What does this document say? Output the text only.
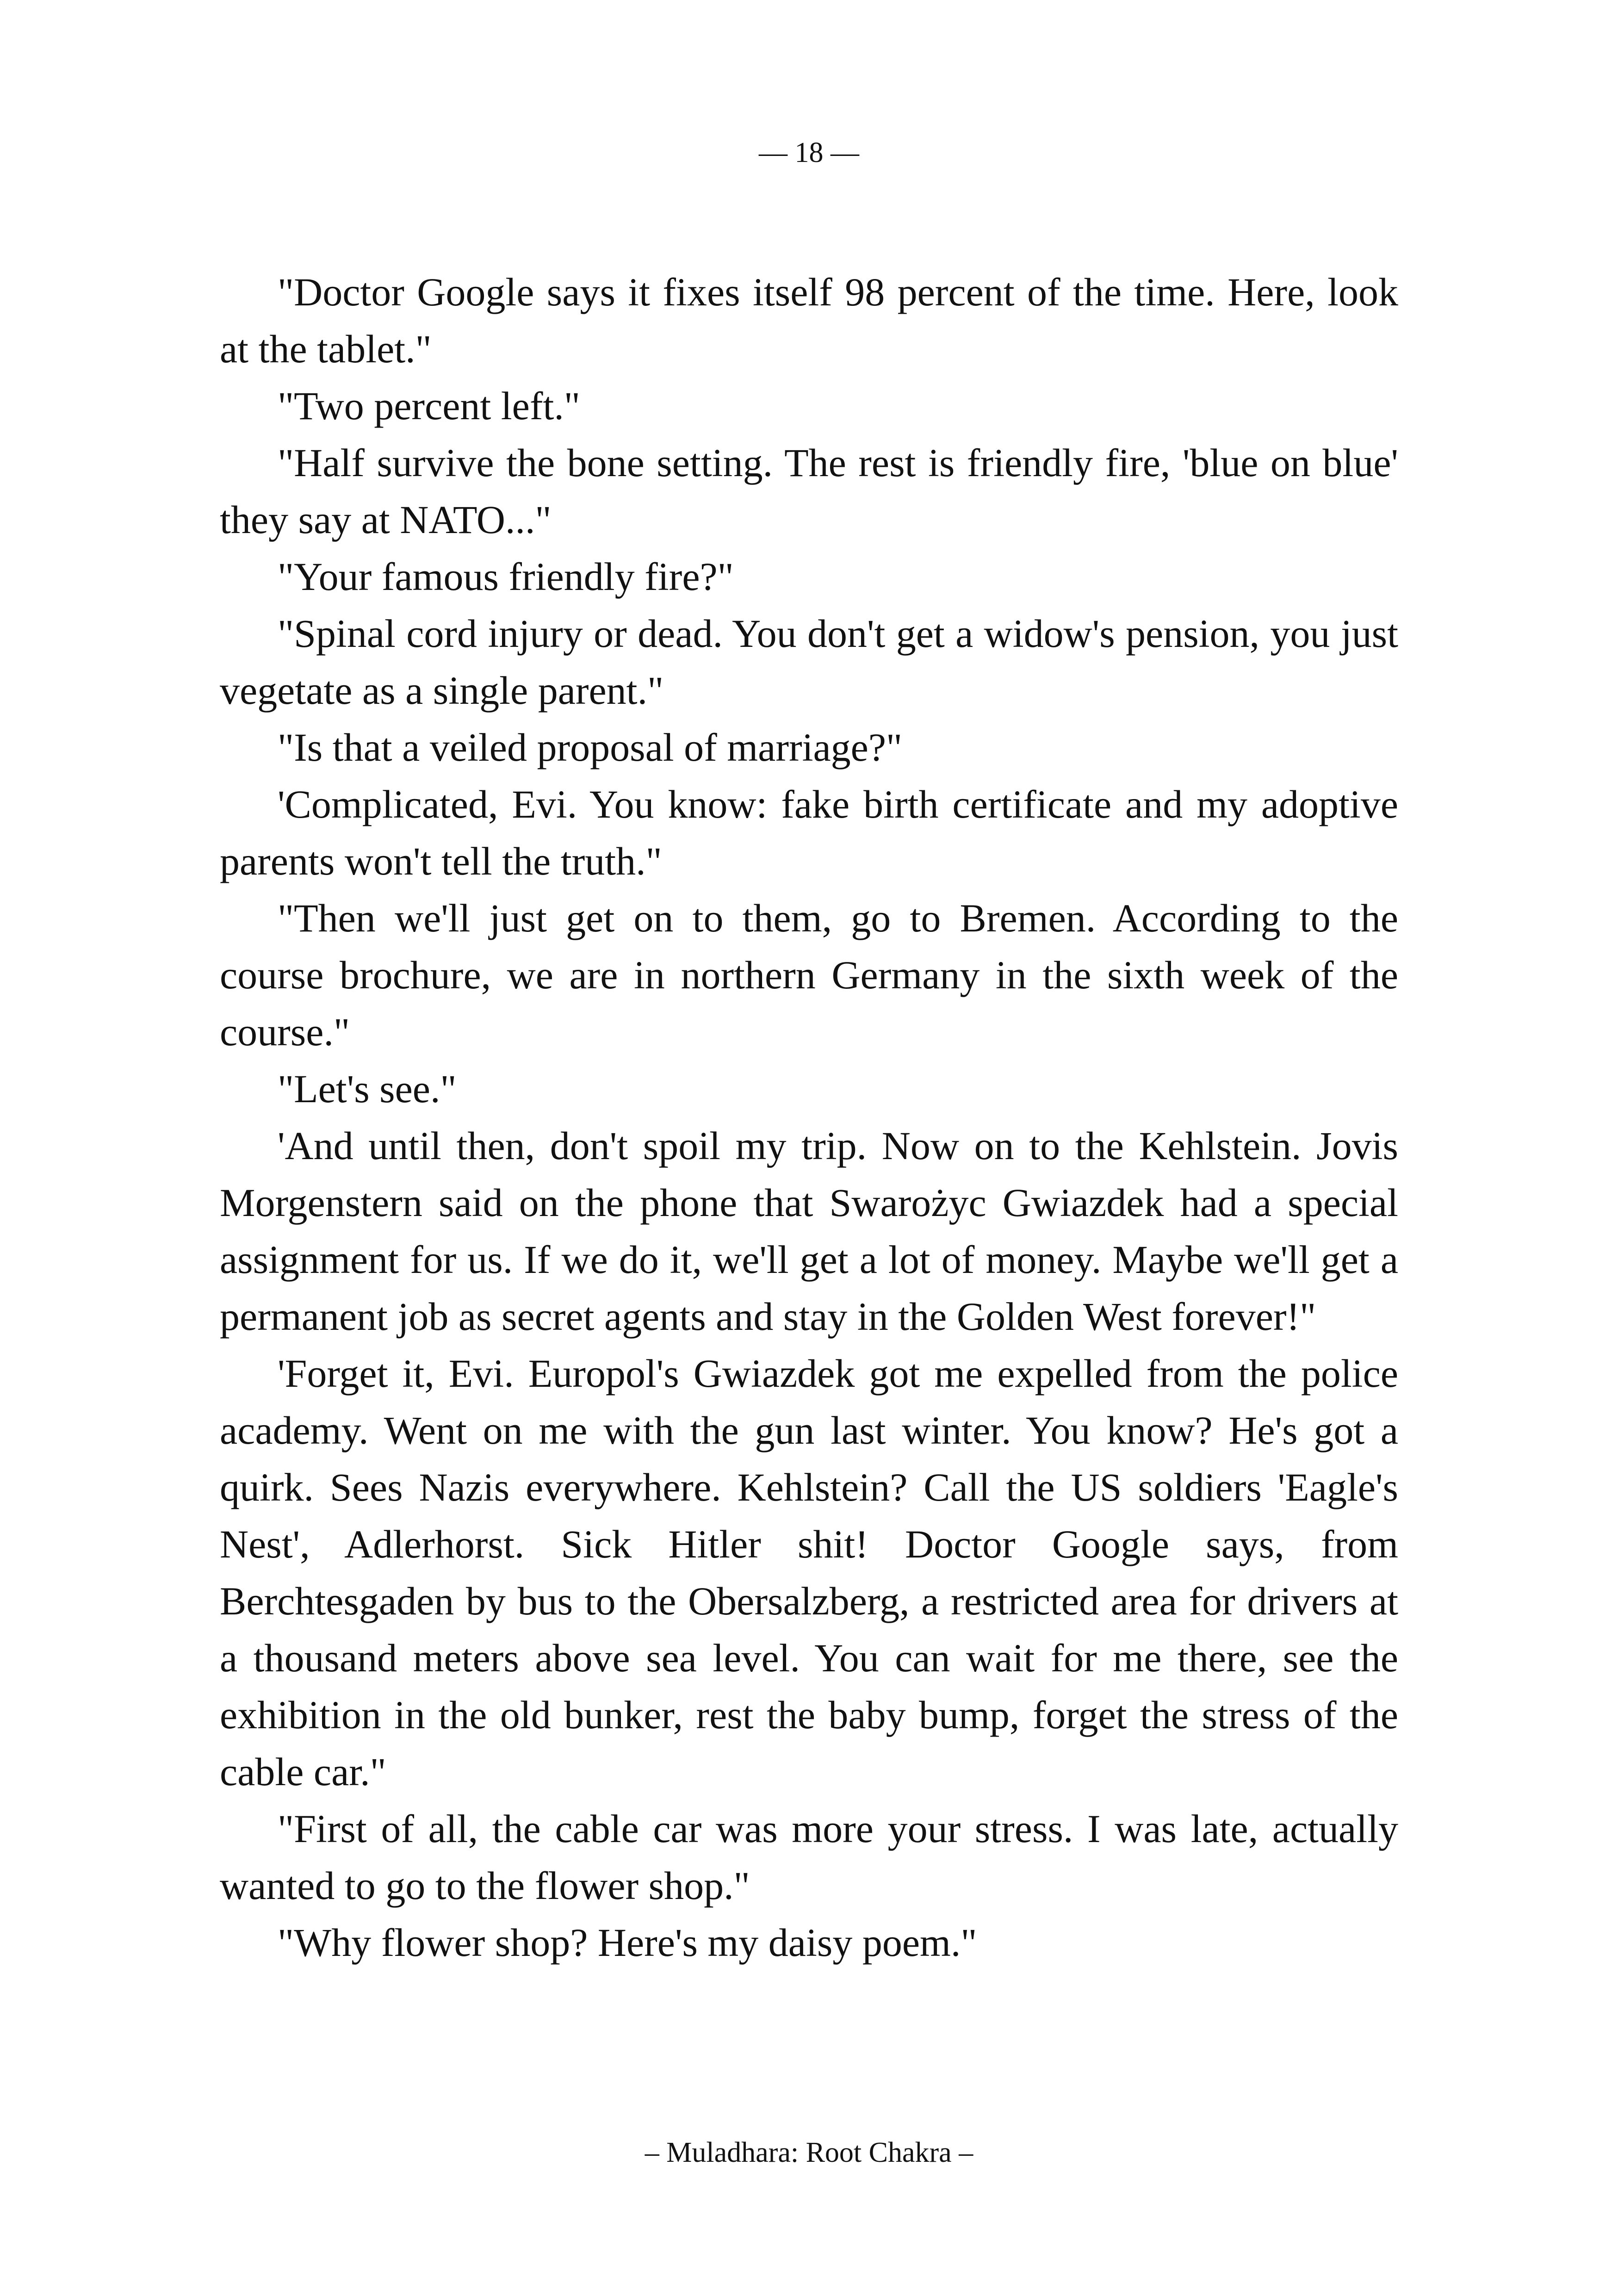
— 18 —

"Doctor Google says it fixes itself 98 percent of the time. Here, look at the tablet."

"Two percent left."

"Half survive the bone setting. The rest is friendly fire, 'blue on blue' they say at NATO..."

"Your famous friendly fire?"

"Spinal cord injury or dead. You don't get a widow's pension, you just vegetate as a single parent."

"Is that a veiled proposal of marriage?"

'Complicated, Evi. You know: fake birth certificate and my adoptive parents won't tell the truth."

"Then we'll just get on to them, go to Bremen. According to the course brochure, we are in northern Germany in the sixth week of the course."

"Let's see."

'And until then, don't spoil my trip. Now on to the Kehlstein. Jovis Morgenstern said on the phone that Swarożyc Gwiazdek had a special assignment for us. If we do it, we'll get a lot of money. Maybe we'll get a permanent job as secret agents and stay in the Golden West forever!"

'Forget it, Evi. Europol's Gwiazdek got me expelled from the police academy. Went on me with the gun last winter. You know? He's got a quirk. Sees Nazis everywhere. Kehlstein? Call the US soldiers 'Eagle's Nest', Adlerhorst. Sick Hitler shit! Doctor Google says, from Berchtesgaden by bus to the Obersalzberg, a restricted area for drivers at a thousand meters above sea level. You can wait for me there, see the exhibition in the old bunker, rest the baby bump, forget the stress of the cable car."

"First of all, the cable car was more your stress. I was late, actually wanted to go to the flower shop."

"Why flower shop? Here's my daisy poem."

– Muladhara: Root Chakra –
